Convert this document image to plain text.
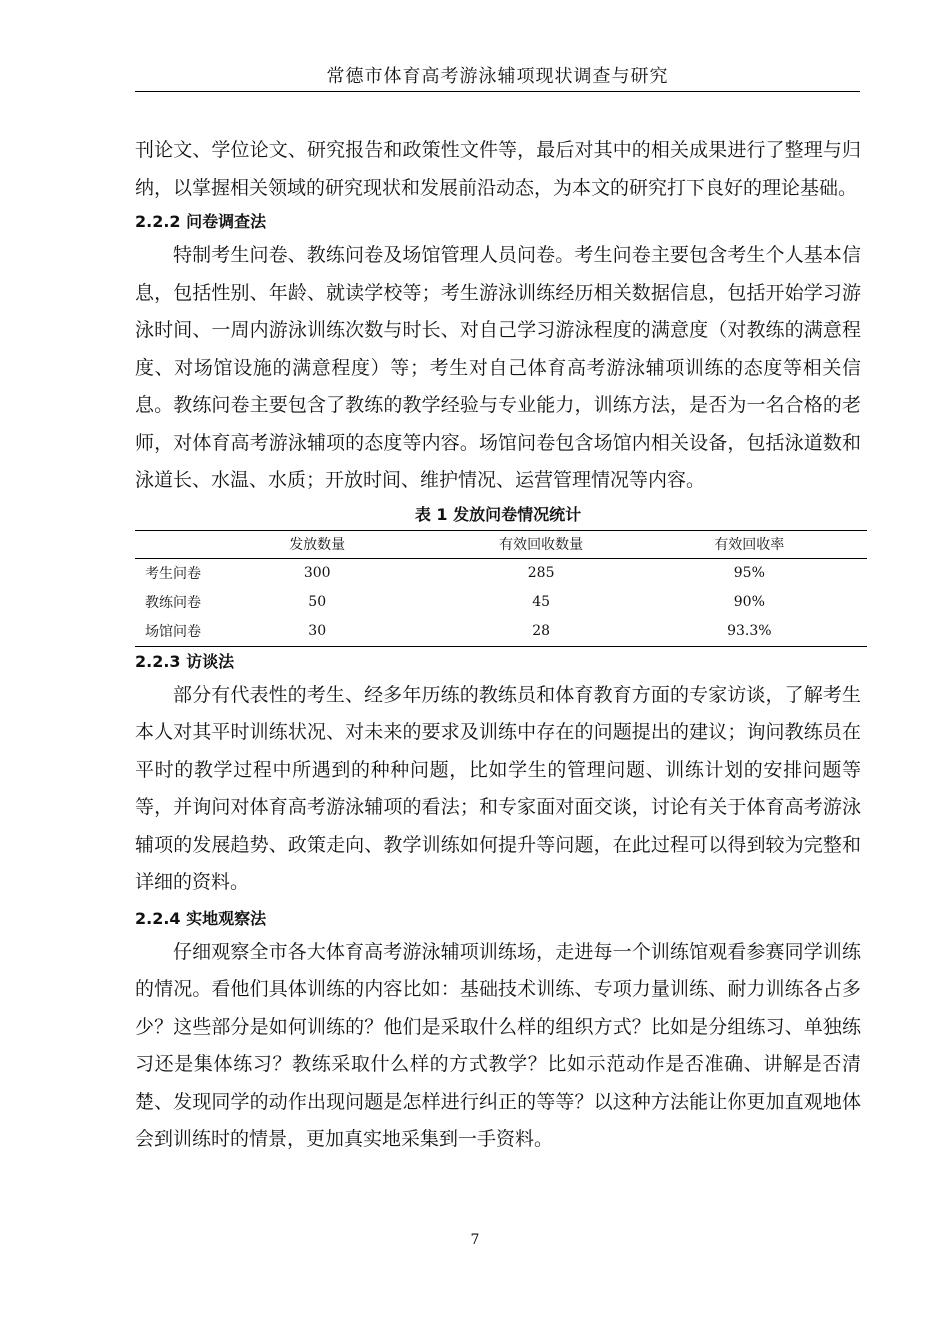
常德市体育高考游泳辅项现状调查与研究

刊论文、学位论文、研究报告和政策性文件等，最后对其中的相关成果进行了整理与归纳，以掌握相关领域的研究现状和发展前沿动态，为本文的研究打下良好的理论基础。

2.2.2 问卷调查法

特制考生问卷、教练问卷及场馆管理人员问卷。考生问卷主要包含考生个人基本信息，包括性别、年龄、就读学校等；考生游泳训练经历相关数据信息，包括开始学习游泳时间、一周内游泳训练次数与时长、对自己学习游泳程度的满意度（对教练的满意程度、对场馆设施的满意程度）等；考生对自己体育高考游泳辅项训练的态度等相关信息。教练问卷主要包含了教练的教学经验与专业能力，训练方法，是否为一名合格的老师，对体育高考游泳辅项的态度等内容。场馆问卷包含场馆内相关设备，包括泳道数和泳道长、水温、水质；开放时间、维护情况、运营管理情况等内容。

表 1 发放问卷情况统计
	发放数量	有效回收数量	有效回收率
考生问卷	300	285	95%
教练问卷	50	45	90%
场馆问卷	30	28	93.3%
2.2.3 访谈法

部分有代表性的考生、经多年历练的教练员和体育教育方面的专家访谈，了解考生本人对其平时训练状况、对未来的要求及训练中存在的问题提出的建议；询问教练员在平时的教学过程中所遇到的种种问题，比如学生的管理问题、训练计划的安排问题等等，并询问对体育高考游泳辅项的看法；和专家面对面交谈，讨论有关于体育高考游泳辅项的发展趋势、政策走向、教学训练如何提升等问题，在此过程可以得到较为完整和详细的资料。

2.2.4 实地观察法

仔细观察全市各大体育高考游泳辅项训练场，走进每一个训练馆观看参赛同学训练的情况。看他们具体训练的内容比如：基础技术训练、专项力量训练、耐力训练各占多少？这些部分是如何训练的？他们是采取什么样的组织方式？比如是分组练习、单独练习还是集体练习？教练采取什么样的方式教学？比如示范动作是否准确、讲解是否清楚、发现同学的动作出现问题是怎样进行纠正的等等？以这种方法能让你更加直观地体会到训练时的情景，更加真实地采集到一手资料。

7
